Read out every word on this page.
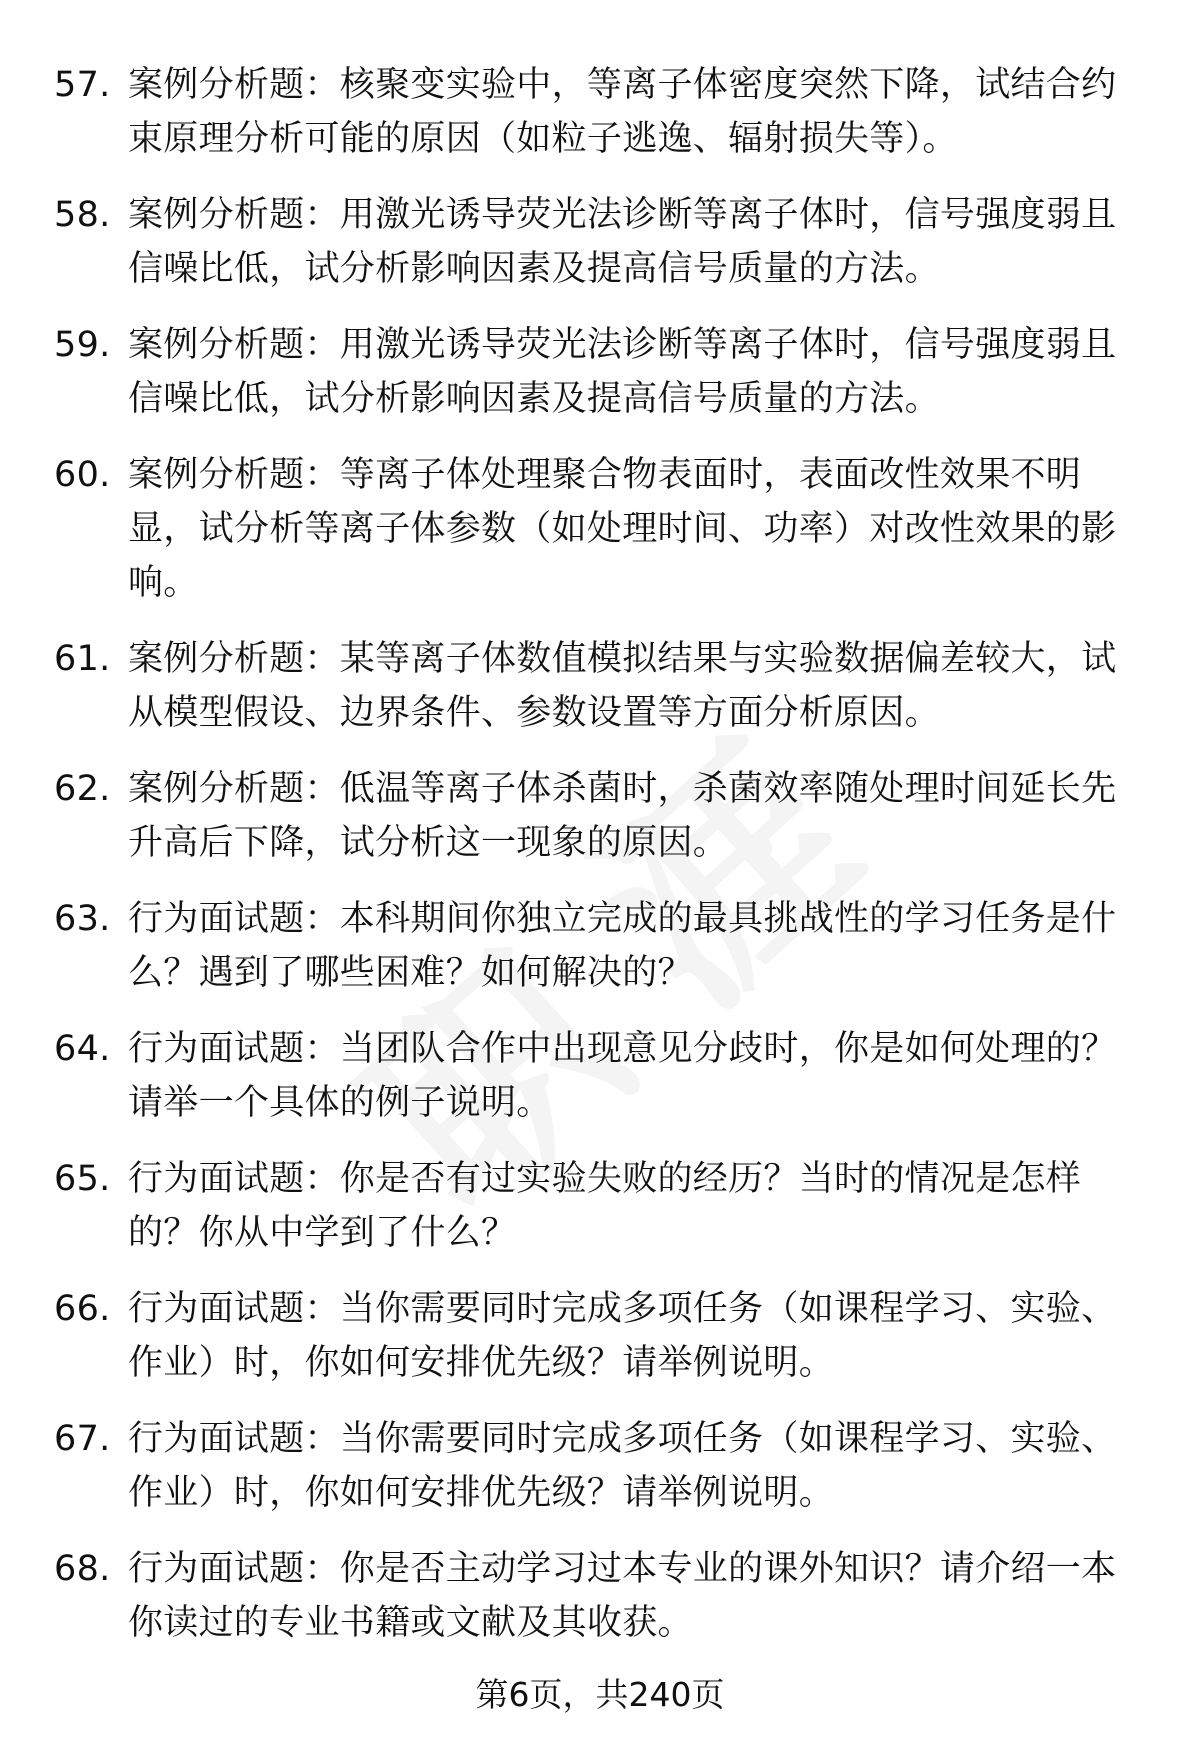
57. 案例分析题：核聚变实验中，等离子体密度突然下降，试结合约束原理分析可能的原因（如粒子逃逸、辐射损失等）。
58. 案例分析题：用激光诱导荧光法诊断等离子体时，信号强度弱且信噪比低，试分析影响因素及提高信号质量的方法。
59. 案例分析题：用激光诱导荧光法诊断等离子体时，信号强度弱且信噪比低，试分析影响因素及提高信号质量的方法。
60. 案例分析题：等离子体处理聚合物表面时，表面改性效果不明显，试分析等离子体参数（如处理时间、功率）对改性效果的影响。
61. 案例分析题：某等离子体数值模拟结果与实验数据偏差较大，试从模型假设、边界条件、参数设置等方面分析原因。
62. 案例分析题：低温等离子体杀菌时，杀菌效率随处理时间延长先升高后下降，试分析这一现象的原因。
63. 行为面试题：本科期间你独立完成的最具挑战性的学习任务是什么？遇到了哪些困难？如何解决的？
64. 行为面试题：当团队合作中出现意见分歧时，你是如何处理的？请举一个具体的例子说明。
65. 行为面试题：你是否有过实验失败的经历？当时的情况是怎样的？你从中学到了什么？
66. 行为面试题：当你需要同时完成多项任务（如课程学习、实验、作业）时，你如何安排优先级？请举例说明。
67. 行为面试题：当你需要同时完成多项任务（如课程学习、实验、作业）时，你如何安排优先级？请举例说明。
68. 行为面试题：你是否主动学习过本专业的课外知识？请介绍一本你读过的专业书籍或文献及其收获。
第6页，共240页
